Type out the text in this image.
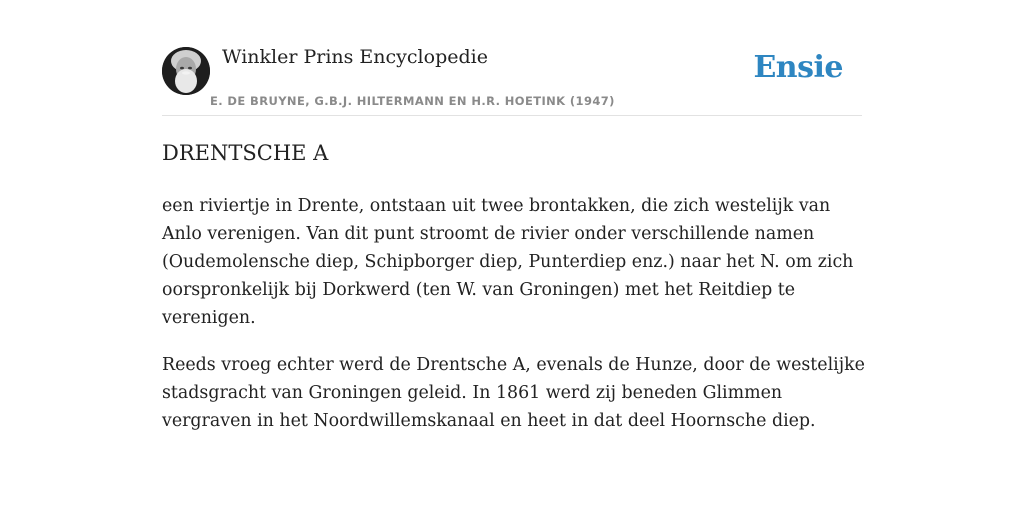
Winkler Prins Encyclopedie
E. DE BRUYNE, G.B.J. HILTERMANN EN H.R. HOETINK (1947)
Ensie
DRENTSCHE A

een riviertje in Drente, ontstaan uit twee brontakken, die zich westelijk van Anlo verenigen. Van dit punt stroomt de rivier onder verschillende namen (Oudemolensche diep, Schipborger diep, Punterdiep enz.) naar het N. om zich oorspronkelijk bij Dorkwerd (ten W. van Groningen) met het Reitdiep te verenigen.

Reeds vroeg echter werd de Drentsche A, evenals de Hunze, door de westelijke stadsgracht van Groningen geleid. In 1861 werd zij beneden Glimmen vergraven in het Noordwillemskanaal en heet in dat deel Hoornsche diep.
